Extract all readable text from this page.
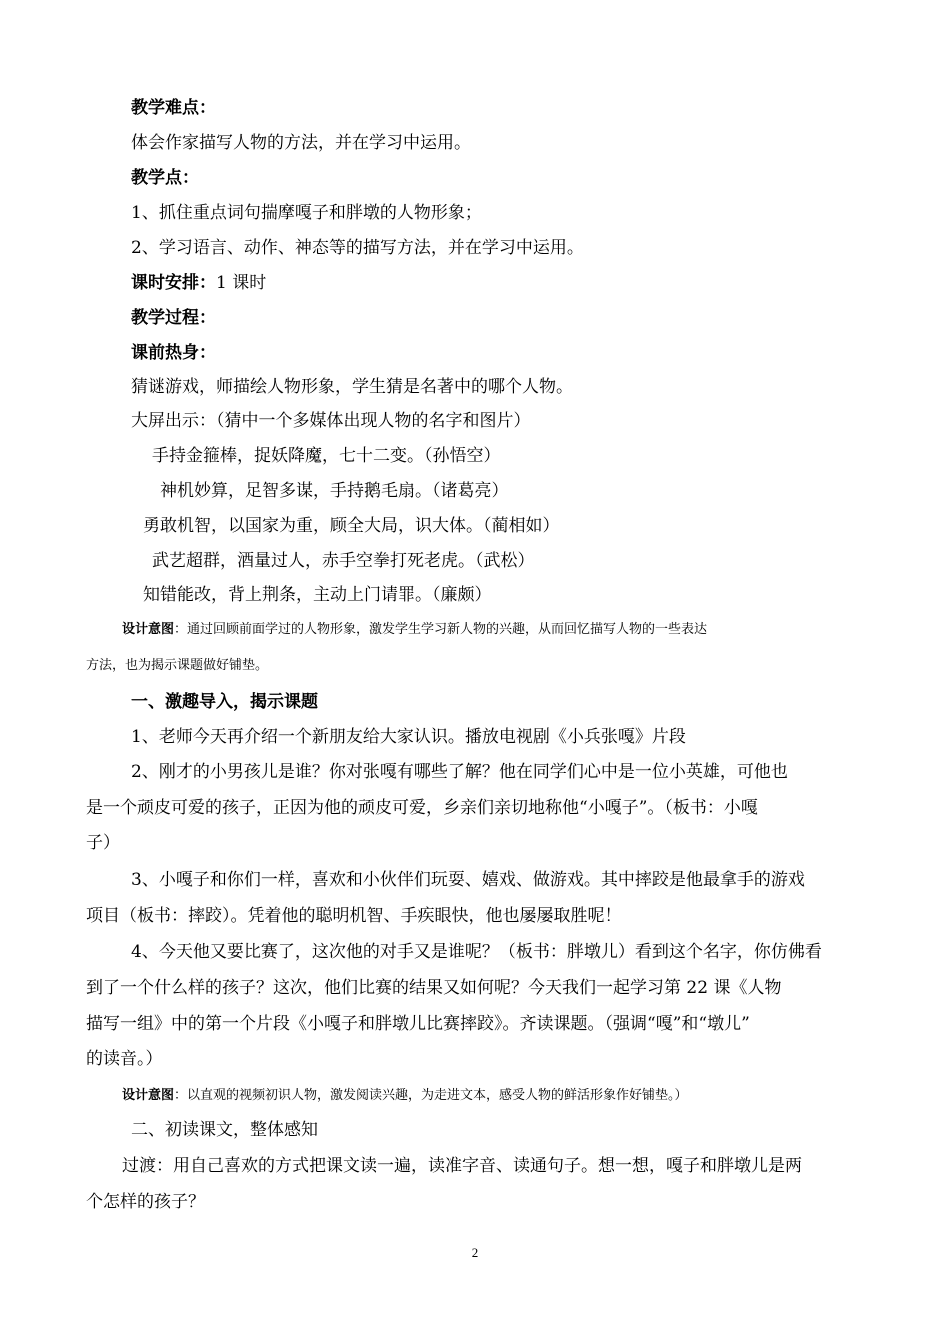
教学难点：
体会作家描写人物的方法，并在学习中运用。
教学点：
1、抓住重点词句揣摩嘎子和胖墩的人物形象；
2、学习语言、动作、神态等的描写方法，并在学习中运用。
课时安排：1 课时
教学过程：
课前热身：
猜谜游戏，师描绘人物形象，学生猜是名著中的哪个人物。
大屏出示：（猜中一个多媒体出现人物的名字和图片）
手持金箍棒，捉妖降魔，七十二变。（孙悟空）
神机妙算，足智多谋，手持鹅毛扇。（诸葛亮）
勇敢机智，以国家为重，顾全大局，识大体。（蔺相如）
武艺超群，酒量过人，赤手空拳打死老虎。（武松）
知错能改，背上荆条，主动上门请罪。（廉颇）
设计意图：通过回顾前面学过的人物形象，激发学生学习新人物的兴趣，从而回忆描写人物的一些表达
方法，也为揭示课题做好铺垫。
一、激趣导入，揭示课题
1、老师今天再介绍一个新朋友给大家认识。播放电视剧《小兵张嘎》片段
2、刚才的小男孩儿是谁？你对张嘎有哪些了解？他在同学们心中是一位小英雄，可他也
是一个顽皮可爱的孩子，正因为他的顽皮可爱，乡亲们亲切地称他“小嘎子”。（板书：小嘎
子）
3、小嘎子和你们一样，喜欢和小伙伴们玩耍、嬉戏、做游戏。其中摔跤是他最拿手的游戏
项目（板书：摔跤）。凭着他的聪明机智、手疾眼快，他也屡屡取胜呢！
4、今天他又要比赛了，这次他的对手又是谁呢？（板书：胖墩儿）看到这个名字，你仿佛看
到了一个什么样的孩子？这次，他们比赛的结果又如何呢？今天我们一起学习第 22 课《人物
描写一组》中的第一个片段《小嘎子和胖墩儿比赛摔跤》。齐读课题。（强调“嘎”和“墩儿”
的读音。）
设计意图：以直观的视频初识人物，激发阅读兴趣，为走进文本，感受人物的鲜活形象作好铺垫。）
二、初读课文，整体感知
过渡：用自己喜欢的方式把课文读一遍，读准字音、读通句子。想一想，嘎子和胖墩儿是两
个怎样的孩子？
2
